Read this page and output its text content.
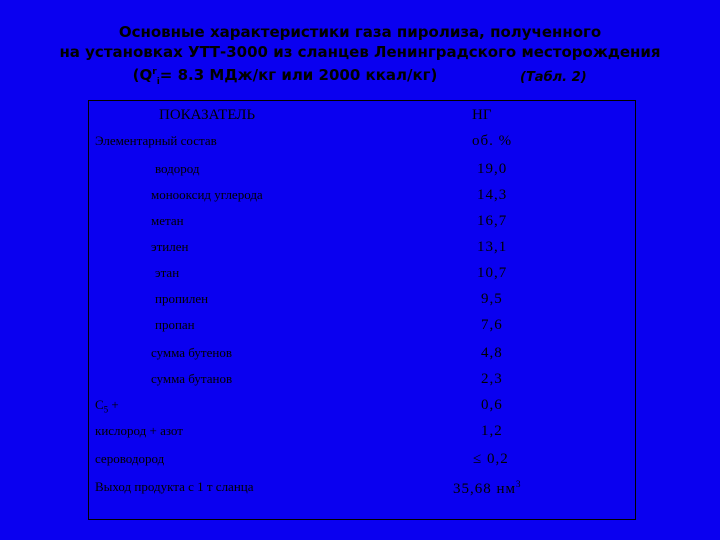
Основные характеристики газа пиролиза, полученного
на установках УТТ-3000 из сланцев Ленинградского месторождения
($Q^r_i= 8.3$ МДж/кг или 2000 ккал/кг)	(Табл. 2)
ПОКАЗАТЕЛЬ	НГ
Элементарный состав	об. %
водород	19,0
монооксид углерода	14,3
метан	16,7
этилен	13,1
этан	10,7
пропилен	9,5
пропан	7,6
сумма бутенов	4,8
сумма бутанов	2,3
$C_5$ +	0,6
кислород + азот	1,2
сероводород	≤ 0,2
Выход продукта с 1 т сланца	35,68 $нм^3$
